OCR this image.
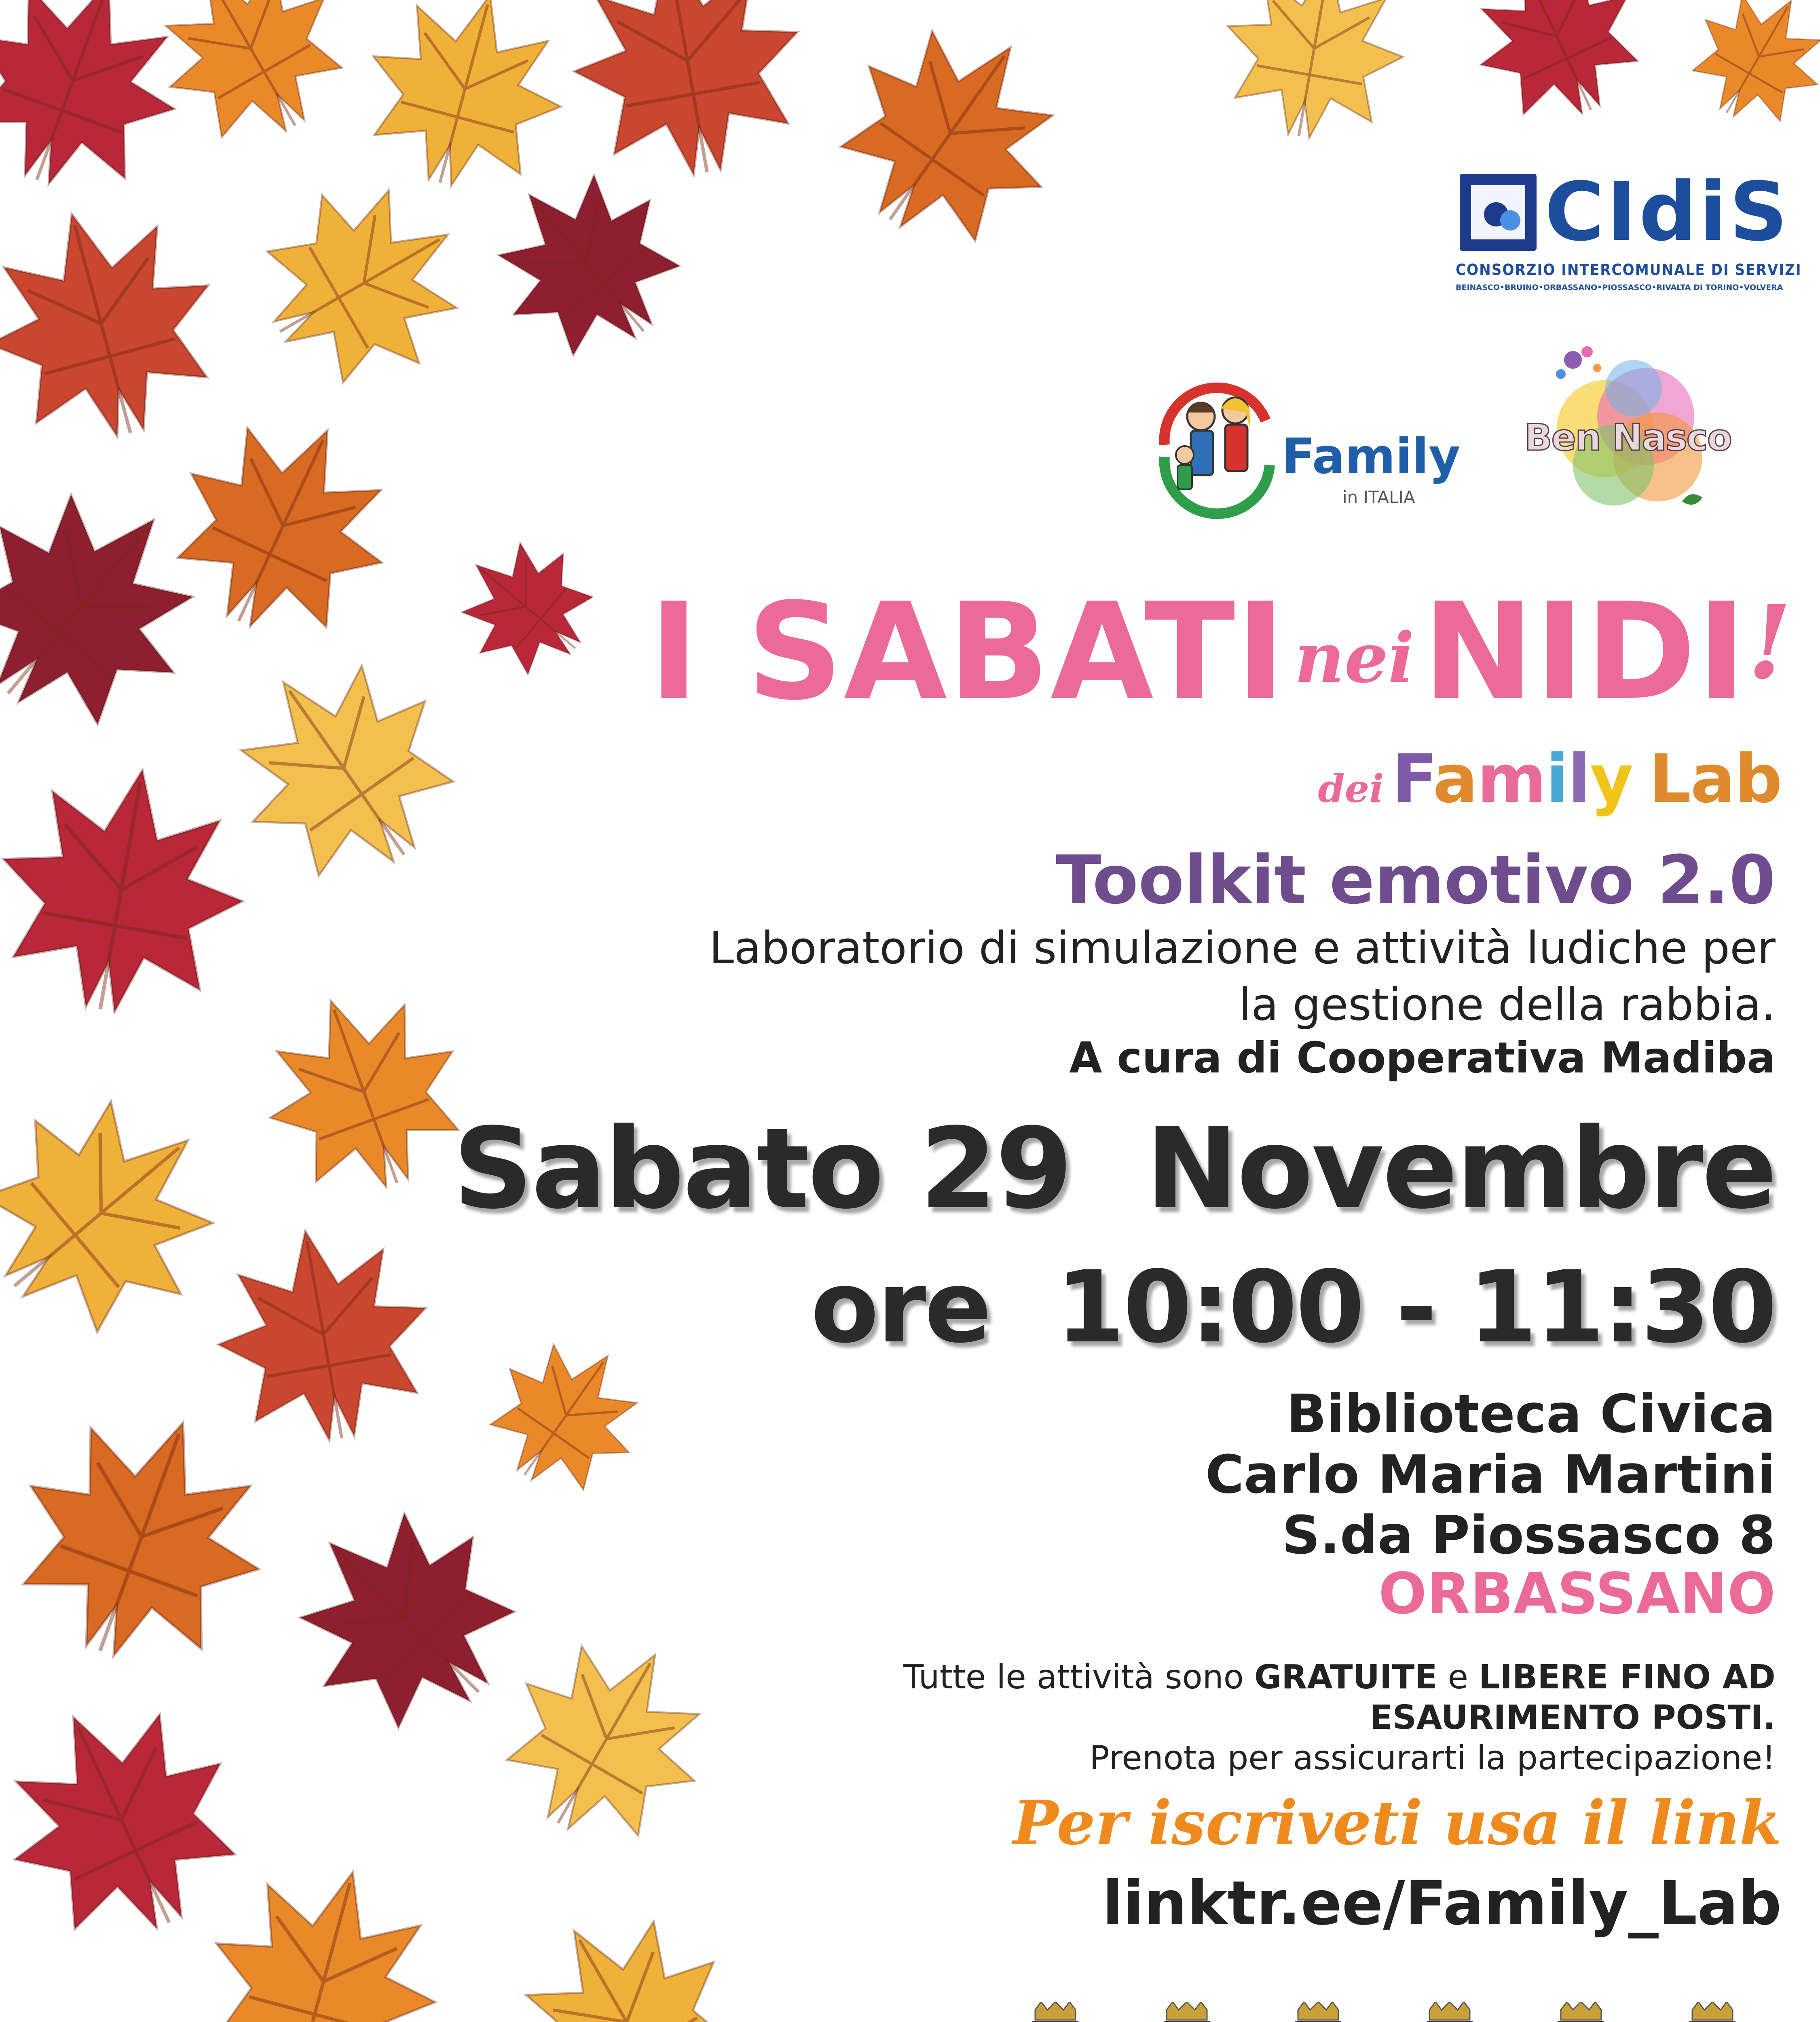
CIdiS
CONSORZIO INTERCOMUNALE DI SERVIZI
BEINASCO•BRUINO•ORBASSANO•PIOSSASCO•RIVALTA DI TORINO•VOLVERA
Family
in ITALIA
Ben Nasco
I SABATI neiNIDI!
dei Family Lab
Toolkit emotivo 2.0
Laboratorio di simulazione e attività ludiche per
la gestione della rabbia.
A cura di Cooperativa Madiba
Sabato 29  Novembre
ore  10:00 - 11:30
Biblioteca Civica
Carlo Maria Martini
S.da Piossasco 8
ORBASSANO
Tutte le attività sono GRATUITE e LIBERE FINO AD
ESAURIMENTO POSTI.
Prenota per assicurarti la partecipazione!
Per iscriveti usa il link
linktr.ee/Family_Lab
